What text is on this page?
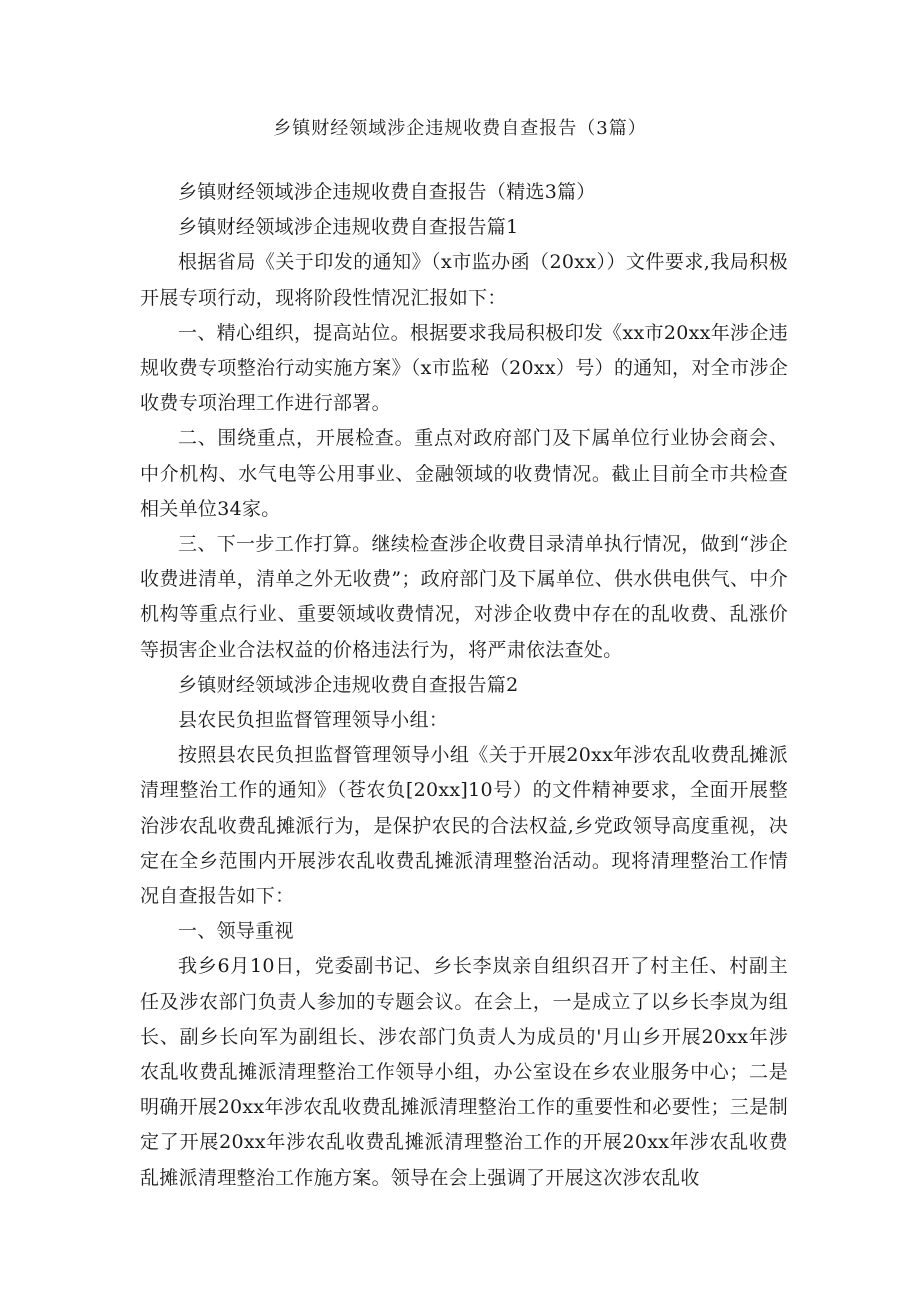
乡镇财经领域涉企违规收费自查报告（3篇）

乡镇财经领域涉企违规收费自查报告（精选3篇）

乡镇财经领域涉企违规收费自查报告篇1

根据省局《关于印发的通知》（x市监办函（20xx））文件要求,我局积极开展专项行动，现将阶段性情况汇报如下：

一、精心组织，提高站位。根据要求我局积极印发《xx市20xx年涉企违规收费专项整治行动实施方案》（x市监秘（20xx）号）的通知，对全市涉企收费专项治理工作进行部署。

二、围绕重点，开展检查。重点对政府部门及下属单位行业协会商会、中介机构、水气电等公用事业、金融领域的收费情况。截止目前全市共检查相关单位34家。

三、下一步工作打算。继续检查涉企收费目录清单执行情况，做到“涉企收费进清单，清单之外无收费”；政府部门及下属单位、供水供电供气、中介机构等重点行业、重要领域收费情况，对涉企收费中存在的乱收费、乱涨价等损害企业合法权益的价格违法行为，将严肃依法查处。

乡镇财经领域涉企违规收费自查报告篇2

县农民负担监督管理领导小组：

按照县农民负担监督管理领导小组《关于开展20xx年涉农乱收费乱摊派清理整治工作的通知》（苍农负[20xx]10号）的文件精神要求，全面开展整治涉农乱收费乱摊派行为，是保护农民的合法权益,乡党政领导高度重视，决定在全乡范围内开展涉农乱收费乱摊派清理整治活动。现将清理整治工作情况自查报告如下：

一、领导重视

我乡6月10日，党委副书记、乡长李岚亲自组织召开了村主任、村副主任及涉农部门负责人参加的专题会议。在会上，一是成立了以乡长李岚为组长、副乡长向军为副组长、涉农部门负责人为成员的'月山乡开展20xx年涉农乱收费乱摊派清理整治工作领导小组，办公室设在乡农业服务中心；二是明确开展20xx年涉农乱收费乱摊派清理整治工作的重要性和必要性；三是制定了开展20xx年涉农乱收费乱摊派清理整治工作的开展20xx年涉农乱收费乱摊派清理整治工作施方案。领导在会上强调了开展这次涉农乱收
